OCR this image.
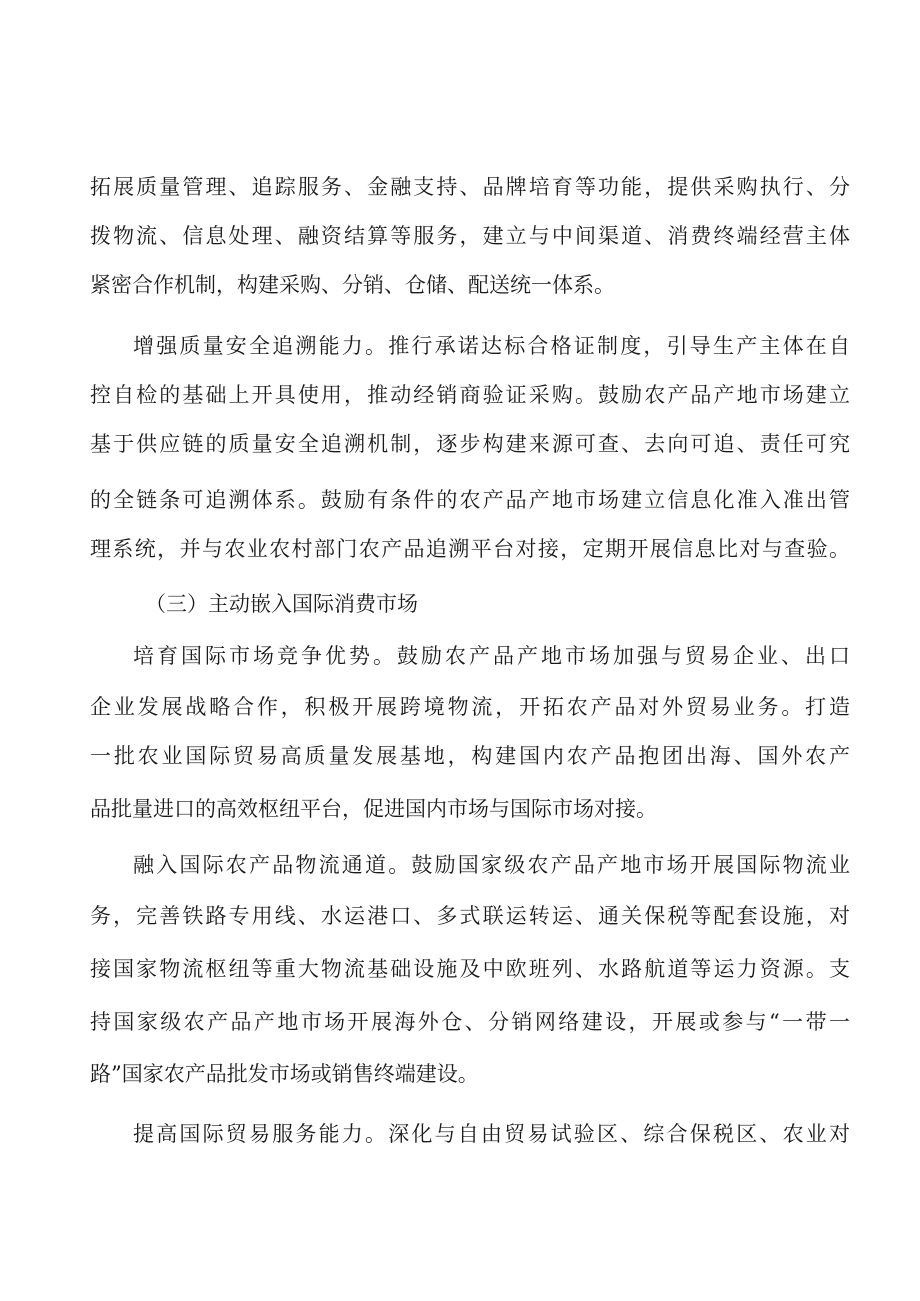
拓展质量管理、追踪服务、金融支持、品牌培育等功能，提供采购执行、分
拨物流、信息处理、融资结算等服务，建立与中间渠道、消费终端经营主体
紧密合作机制，构建采购、分销、仓储、配送统一体系。
增强质量安全追溯能力。推行承诺达标合格证制度，引导生产主体在自
控自检的基础上开具使用，推动经销商验证采购。鼓励农产品产地市场建立
基于供应链的质量安全追溯机制，逐步构建来源可查、去向可追、责任可究
的全链条可追溯体系。鼓励有条件的农产品产地市场建立信息化准入准出管
理系统，并与农业农村部门农产品追溯平台对接，定期开展信息比对与查验。
（三）主动嵌入国际消费市场
培育国际市场竞争优势。鼓励农产品产地市场加强与贸易企业、出口
企业发展战略合作，积极开展跨境物流，开拓农产品对外贸易业务。打造
一批农业国际贸易高质量发展基地，构建国内农产品抱团出海、国外农产
品批量进口的高效枢纽平台，促进国内市场与国际市场对接。
融入国际农产品物流通道。鼓励国家级农产品产地市场开展国际物流业
务，完善铁路专用线、水运港口、多式联运转运、通关保税等配套设施，对
接国家物流枢纽等重大物流基础设施及中欧班列、水路航道等运力资源。支
持国家级农产品产地市场开展海外仓、分销网络建设，开展或参与“一带一
路”国家农产品批发市场或销售终端建设。
提高国际贸易服务能力。深化与自由贸易试验区、综合保税区、农业对
